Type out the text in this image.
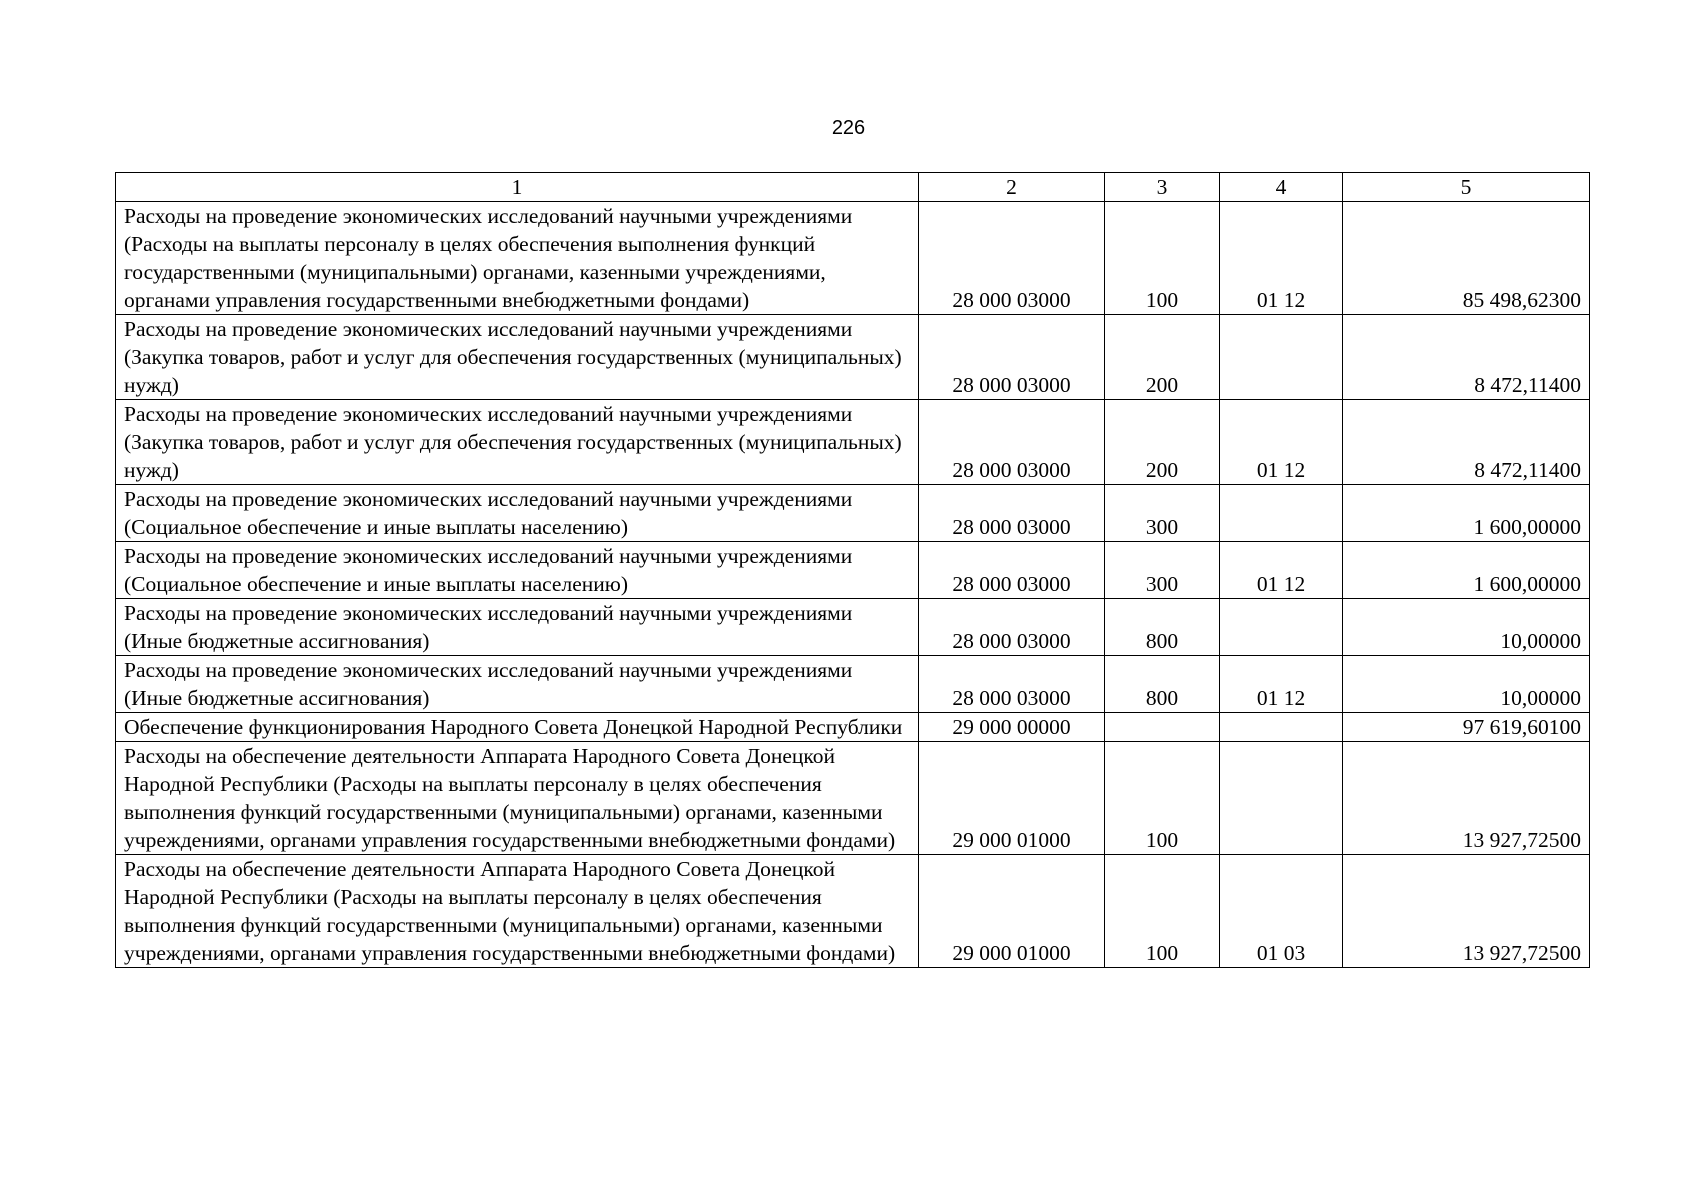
226
1	2	3	4	5
Расходы на проведение экономических исследований научными учреждениями (Расходы на выплаты персоналу в целях обеспечения выполнения функций государственными (муниципальными) органами, казенными учреждениями, органами управления государственными внебюджетными фондами)	28 000 03000	100	01 12	85 498,62300
Расходы на проведение экономических исследований научными учреждениями (Закупка товаров, работ и услуг для обеспечения государственных (муниципальных) нужд)	28 000 03000	200		8 472,11400
Расходы на проведение экономических исследований научными учреждениями (Закупка товаров, работ и услуг для обеспечения государственных (муниципальных) нужд)	28 000 03000	200	01 12	8 472,11400
Расходы на проведение экономических исследований научными учреждениями (Социальное обеспечение и иные выплаты населению)	28 000 03000	300		1 600,00000
Расходы на проведение экономических исследований научными учреждениями (Социальное обеспечение и иные выплаты населению)	28 000 03000	300	01 12	1 600,00000
Расходы на проведение экономических исследований научными учреждениями (Иные бюджетные ассигнования)	28 000 03000	800		10,00000
Расходы на проведение экономических исследований научными учреждениями (Иные бюджетные ассигнования)	28 000 03000	800	01 12	10,00000
Обеспечение функционирования Народного Совета Донецкой Народной Республики	29 000 00000			97 619,60100
Расходы на обеспечение деятельности Аппарата Народного Совета Донецкой Народной Республики (Расходы на выплаты персоналу в целях обеспечения выполнения функций государственными (муниципальными) органами, казенными учреждениями, органами управления государственными внебюджетными фондами)	29 000 01000	100		13 927,72500
Расходы на обеспечение деятельности Аппарата Народного Совета Донецкой Народной Республики (Расходы на выплаты персоналу в целях обеспечения выполнения функций государственными (муниципальными) органами, казенными учреждениями, органами управления государственными внебюджетными фондами)	29 000 01000	100	01 03	13 927,72500
